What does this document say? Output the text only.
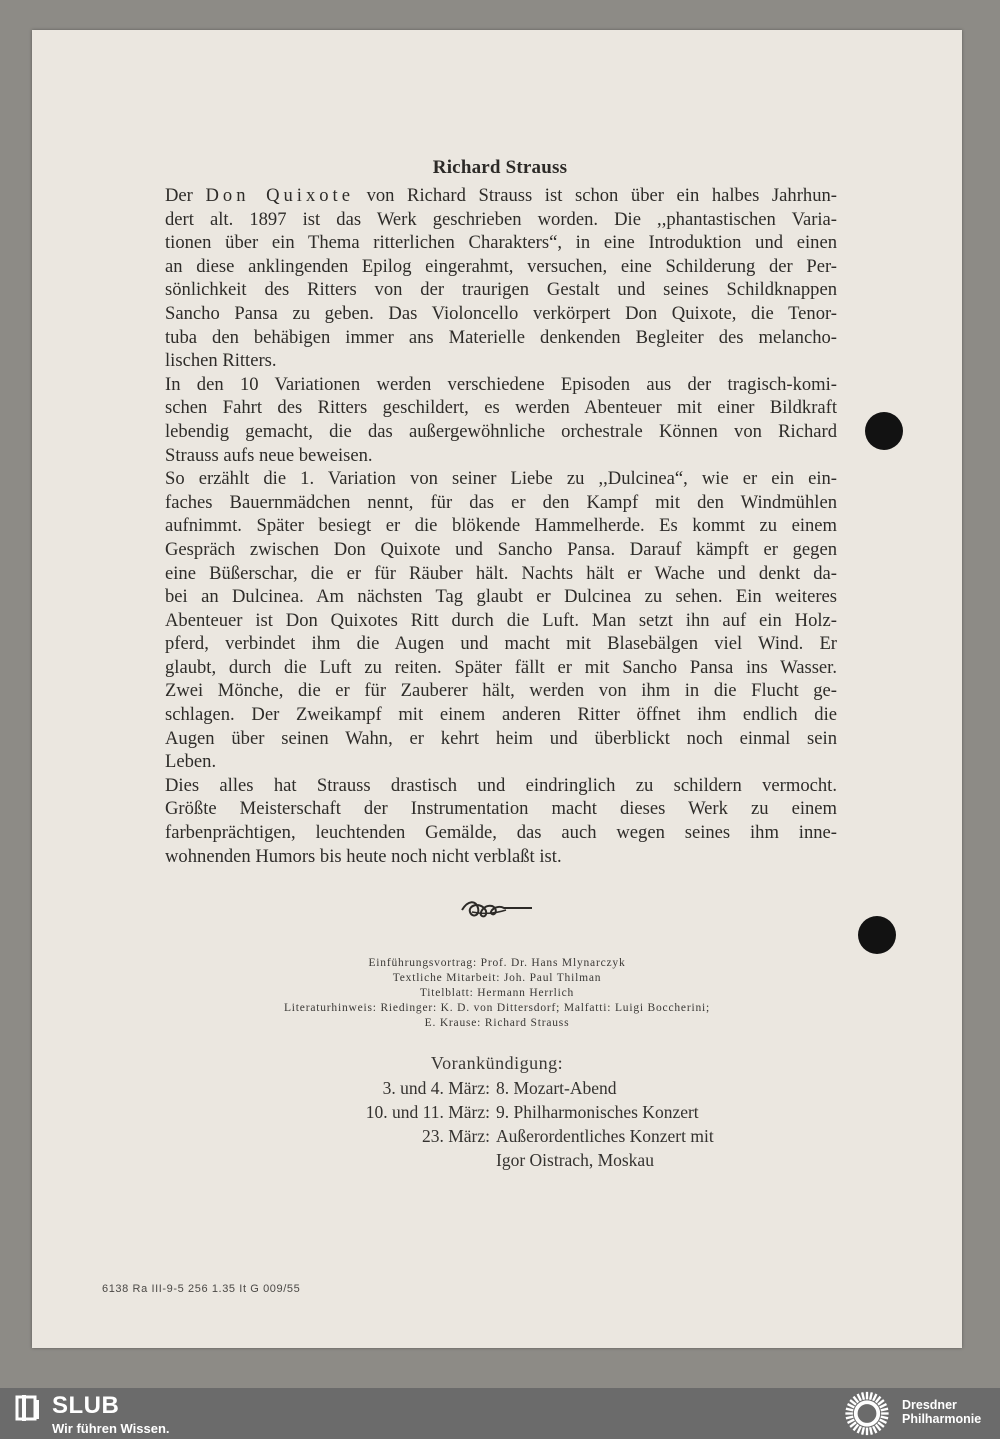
Richard Strauss
Der Don Quixote von Richard Strauss ist schon über ein halbes Jahrhun-
dert alt. 1897 ist das Werk geschrieben worden. Die ,,phantastischen Varia-
tionen über ein Thema ritterlichen Charakters“, in eine Introduktion und einen
an diese anklingenden Epilog eingerahmt, versuchen, eine Schilderung der Per-
sönlichkeit des Ritters von der traurigen Gestalt und seines Schildknappen
Sancho Pansa zu geben. Das Violoncello verkörpert Don Quixote, die Tenor-
tuba den behäbigen immer ans Materielle denkenden Begleiter des melancho-
lischen Ritters.
In den 10 Variationen werden verschiedene Episoden aus der tragisch-komi-
schen Fahrt des Ritters geschildert, es werden Abenteuer mit einer Bildkraft
lebendig gemacht, die das außergewöhnliche orchestrale Können von Richard
Strauss aufs neue beweisen.
So erzählt die 1. Variation von seiner Liebe zu ,,Dulcinea“, wie er ein ein-
faches Bauernmädchen nennt, für das er den Kampf mit den Windmühlen
aufnimmt. Später besiegt er die blökende Hammelherde. Es kommt zu einem
Gespräch zwischen Don Quixote und Sancho Pansa. Darauf kämpft er gegen
eine Büßerschar, die er für Räuber hält. Nachts hält er Wache und denkt da-
bei an Dulcinea. Am nächsten Tag glaubt er Dulcinea zu sehen. Ein weiteres
Abenteuer ist Don Quixotes Ritt durch die Luft. Man setzt ihn auf ein Holz-
pferd, verbindet ihm die Augen und macht mit Blasebälgen viel Wind. Er
glaubt, durch die Luft zu reiten. Später fällt er mit Sancho Pansa ins Wasser.
Zwei Mönche, die er für Zauberer hält, werden von ihm in die Flucht ge-
schlagen. Der Zweikampf mit einem anderen Ritter öffnet ihm endlich die
Augen über seinen Wahn, er kehrt heim und überblickt noch einmal sein
Leben.
Dies alles hat Strauss drastisch und eindringlich zu schildern vermocht.
Größte Meisterschaft der Instrumentation macht dieses Werk zu einem
farbenprächtigen, leuchtenden Gemälde, das auch wegen seines ihm inne-
wohnenden Humors bis heute noch nicht verblaßt ist.
Einführungsvortrag: Prof. Dr. Hans Mlynarczyk
Textliche Mitarbeit: Joh. Paul Thilman
Titelblatt: Hermann Herrlich
Literaturhinweis: Riedinger: K. D. von Dittersdorf; Malfatti: Luigi Boccherini;
E. Krause: Richard Strauss
Vorankündigung:
3. und 4. März: 8. Mozart-Abend
10. und 11. März: 9. Philharmonisches Konzert
23. März: Außerordentliches Konzert mit
Igor Oistrach, Moskau
6138 Ra III-9-5 256 1.35 It G 009/55
SLUB
Wir führen Wissen.
Dresdner
Philharmonie
